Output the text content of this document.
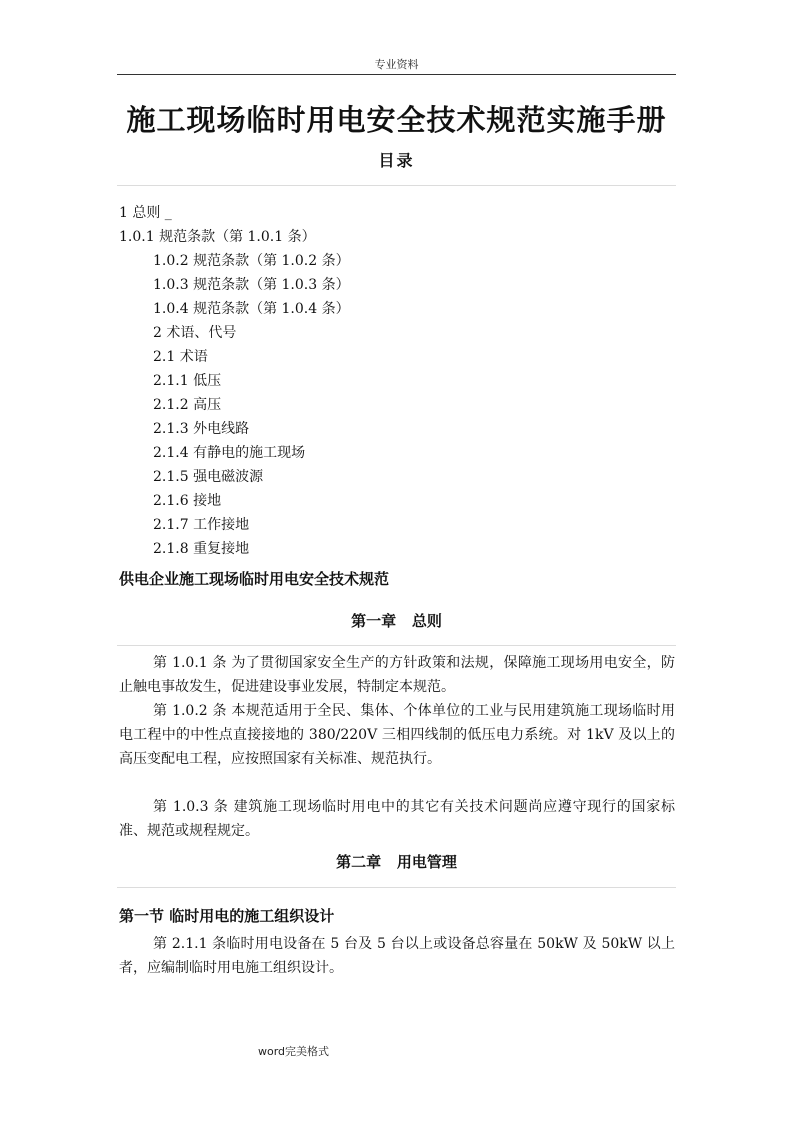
专业资料
施工现场临时用电安全技术规范实施手册
目录
1 总则 _
1.0.1 规范条款（第 1.0.1 条）
1.0.2 规范条款（第 1.0.2 条）
1.0.3 规范条款（第 1.0.3 条）
1.0.4 规范条款（第 1.0.4 条）
2 术语、代号
2.1 术语
2.1.1 低压
2.1.2 高压
2.1.3 外电线路
2.1.4 有静电的施工现场
2.1.5 强电磁波源
2.1.6 接地
2.1.7 工作接地
2.1.8 重复接地
供电企业施工现场临时用电安全技术规范
第一章   总则

第 1.0.1 条 为了贯彻国家安全生产的方针政策和法规，保障施工现场用电安全，防止触电事故发生，促进建设事业发展，特制定本规范。

第 1.0.2 条 本规范适用于全民、集体、个体单位的工业与民用建筑施工现场临时用电工程中的中性点直接接地的 380/220V 三相四线制的低压电力系统。对 1kV 及以上的高压变配电工程，应按照国家有关标准、规范执行。

第 1.0.3 条 建筑施工现场临时用电中的其它有关技术问题尚应遵守现行的国家标准、规范或规程规定。

第二章   用电管理
第一节 临时用电的施工组织设计

第 2.1.1 条临时用电设备在 5 台及 5 台以上或设备总容量在 50kW 及 50kW 以上者，应编制临时用电施工组织设计。

word完美格式
